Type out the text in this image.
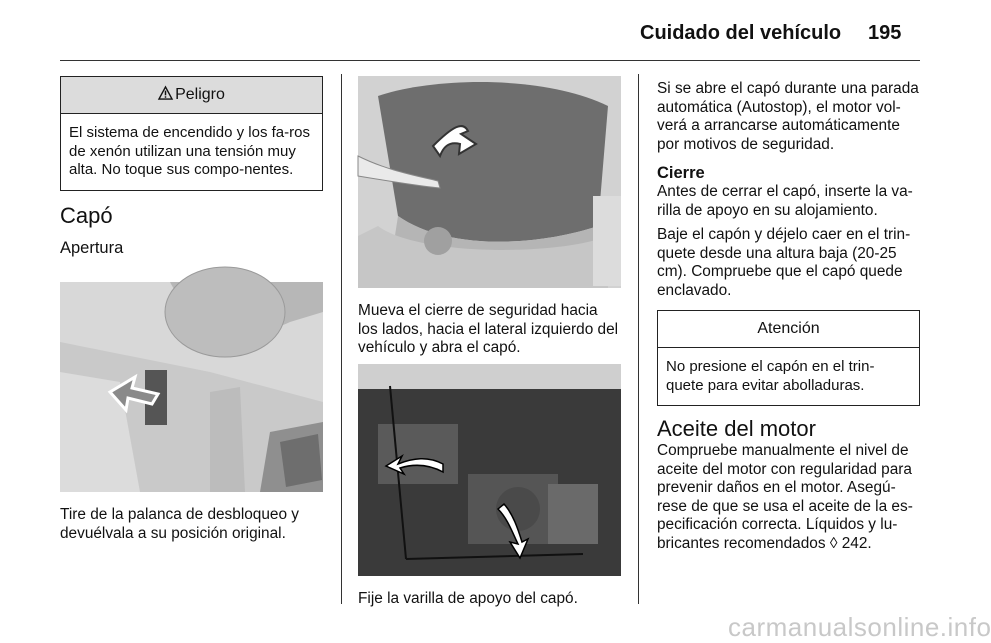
Cuidado del vehículo 195
Peligro
El sistema de encendido y los fa-ros de xenón utilizan una tensión muy alta. No toque sus compo-nentes.
Capó
Apertura

Tire de la palanca de desbloqueo y devuélvala a su posición original.

Mueva el cierre de seguridad hacia los lados, hacia el lateral izquierdo del vehículo y abra el capó.

Fije la varilla de apoyo del capó.

Si se abre el capó durante una parada automática (Autostop), el motor vol-verá a arrancarse automáticamente por motivos de seguridad.

Cierre

Antes de cerrar el capó, inserte la va-rilla de apoyo en su alojamiento.

Baje el capón y déjelo caer en el trin-quete desde una altura baja (20-25 cm). Compruebe que el capó quede enclavado.

Atención
No presione el capón en el trin-quete para evitar abolladuras.
Aceite del motor

Compruebe manualmente el nivel de aceite del motor con regularidad para prevenir daños en el motor. Asegú-rese de que se usa el aceite de la es-pecificación correcta. Líquidos y lu-bricantes recomendados ◊ 242.

carmanualsonline.info
